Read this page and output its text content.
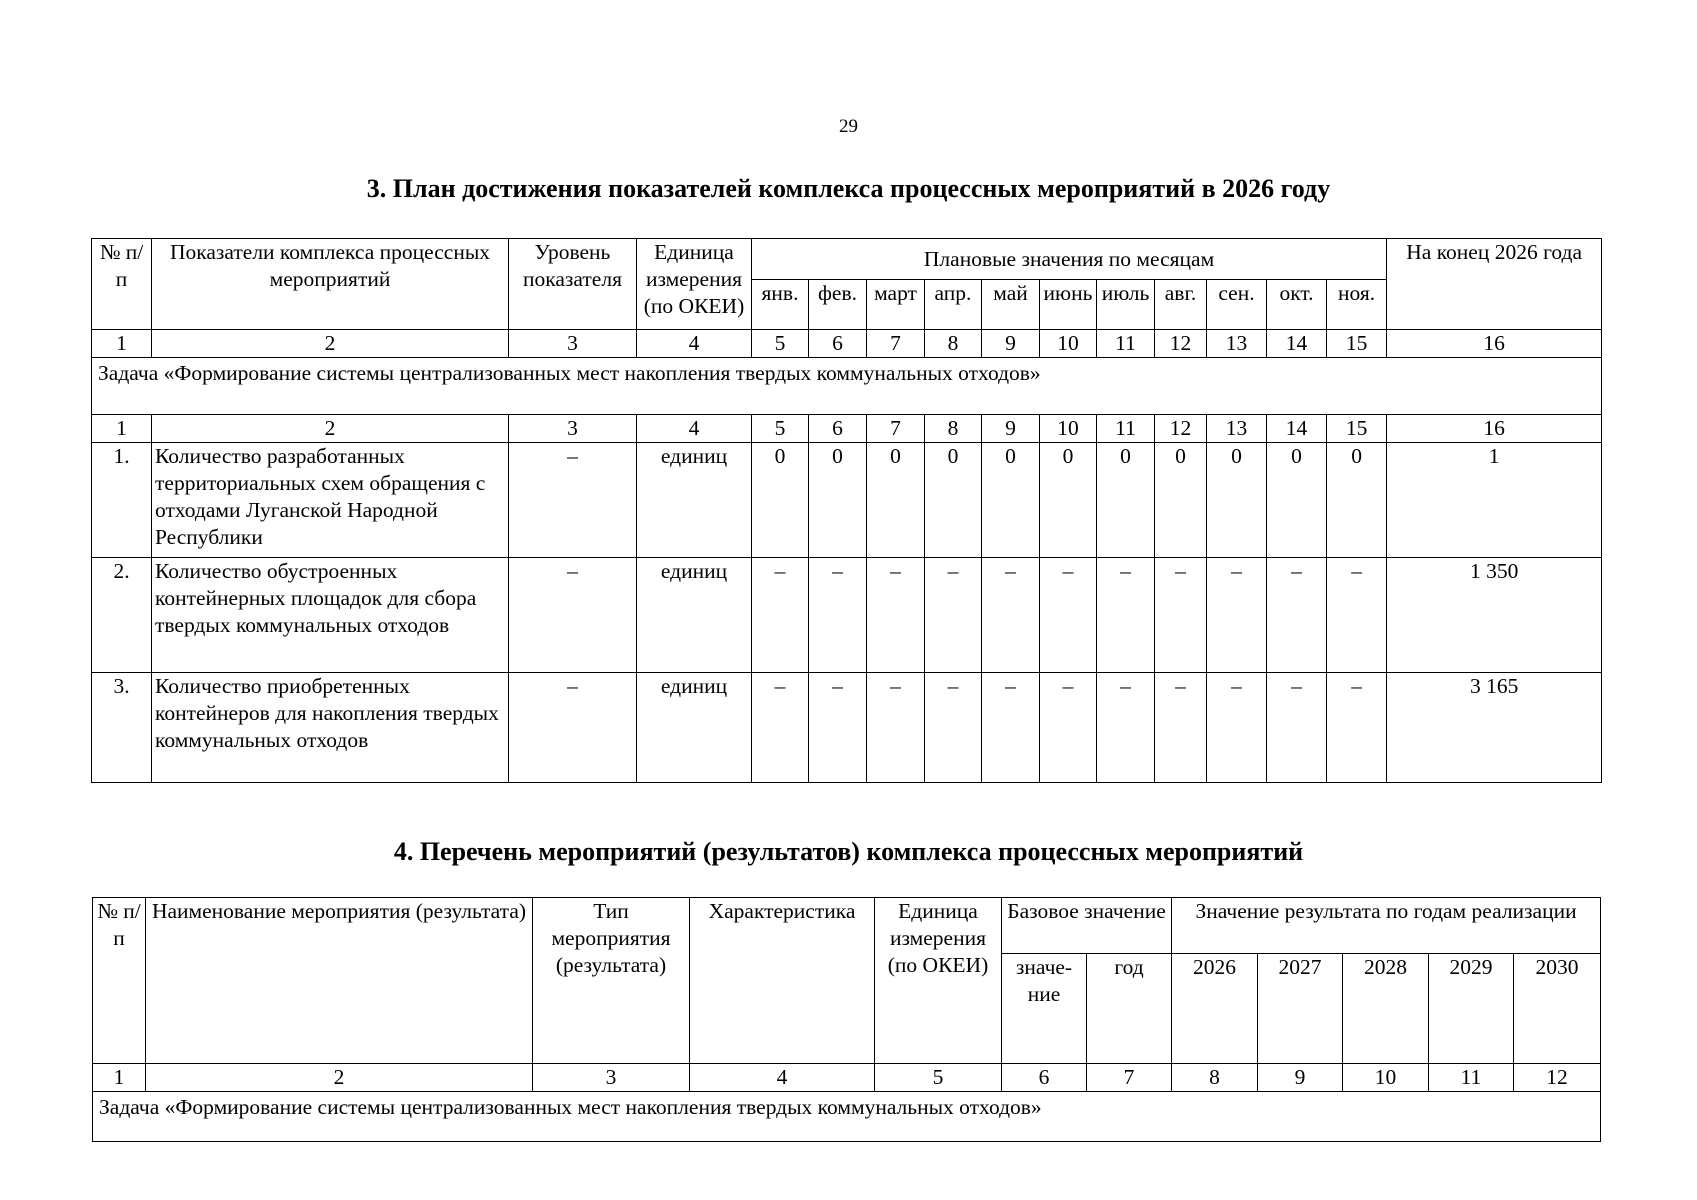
29
3. План достижения показателей комплекса процессных мероприятий в 2026 году
№ п/п	Показатели комплекса процессных мероприятий	Уровень показателя	Единица измерения (по ОКЕИ)	Плановые значения по месяцам											На конец 2026 года
				янв.	фев.	март	апр.	май	июнь	июль	авг.	сен.	окт.	ноя.	
1	2	3	4	5	6	7	8	9	10	11	12	13	14	15	16
Задача «Формирование системы централизованных мест накопления твердых коммунальных отходов»															
1	2	3	4	5	6	7	8	9	10	11	12	13	14	15	16
1.	Количество разработанных территориальных схем обращения с отходами Луганской Народной Республики	–	единиц	0	0	0	0	0	0	0	0	0	0	0	1
2.	Количество обустроенных контейнерных площадок для сбора твердых коммунальных отходов	–	единиц	–	–	–	–	–	–	–	–	–	–	–	1 350
3.	Количество приобретенных контейнеров для накопления твердых коммунальных отходов	–	единиц	–	–	–	–	–	–	–	–	–	–	–	3 165
4. Перечень мероприятий (результатов) комплекса процессных мероприятий
№ п/п	Наименование мероприятия (результата)	Тип мероприятия (результата)	Характеристика	Единица измерения (по ОКЕИ)	Базовое значение		Значение результата по годам реализации				
					значе-ние	год	2026	2027	2028	2029	2030
1	2	3	4	5	6	7	8	9	10	11	12
Задача «Формирование системы централизованных мест накопления твердых коммунальных отходов»											
